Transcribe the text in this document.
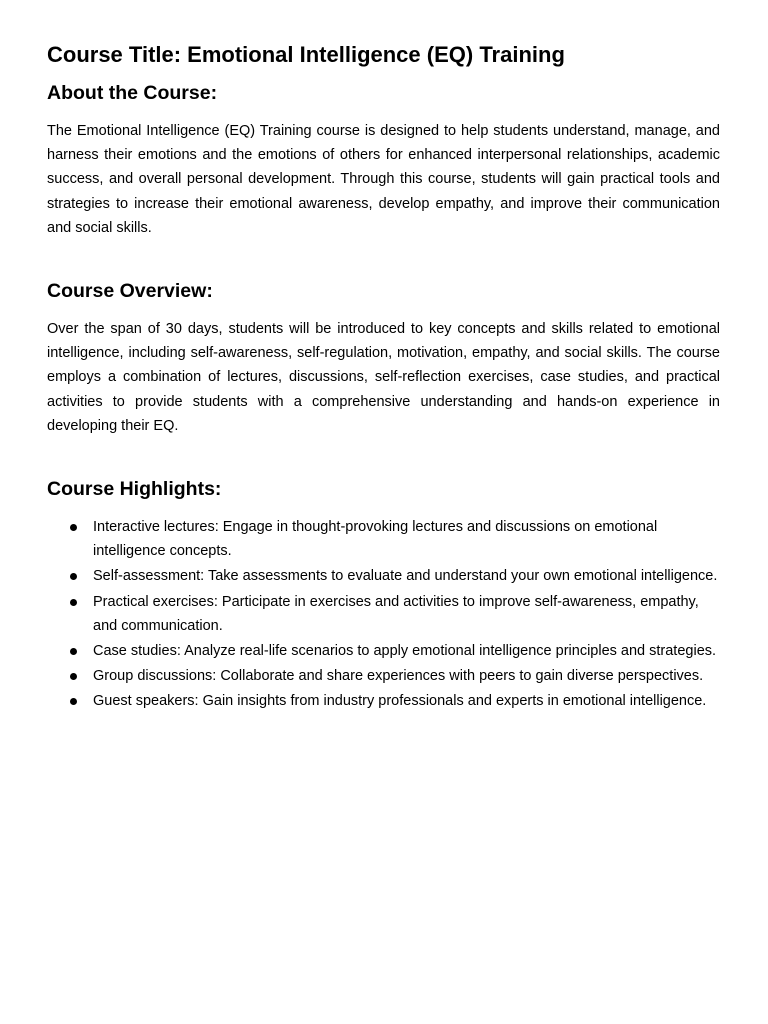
Course Title: Emotional Intelligence (EQ) Training
About the Course:

The Emotional Intelligence (EQ) Training course is designed to help students understand, manage, and harness their emotions and the emotions of others for enhanced interpersonal relationships, academic success, and overall personal development. Through this course, students will gain practical tools and strategies to increase their emotional awareness, develop empathy, and improve their communication and social skills.

Course Overview:

Over the span of 30 days, students will be introduced to key concepts and skills related to emotional intelligence, including self-awareness, self-regulation, motivation, empathy, and social skills. The course employs a combination of lectures, discussions, self-reflection exercises, case studies, and practical activities to provide students with a comprehensive understanding and hands-on experience in developing their EQ.

Course Highlights:
Interactive lectures: Engage in thought-provoking lectures and discussions on emotional intelligence concepts.
Self-assessment: Take assessments to evaluate and understand your own emotional intelligence.
Practical exercises: Participate in exercises and activities to improve self-awareness, empathy, and communication.
Case studies: Analyze real-life scenarios to apply emotional intelligence principles and strategies.
Group discussions: Collaborate and share experiences with peers to gain diverse perspectives.
Guest speakers: Gain insights from industry professionals and experts in emotional intelligence.
